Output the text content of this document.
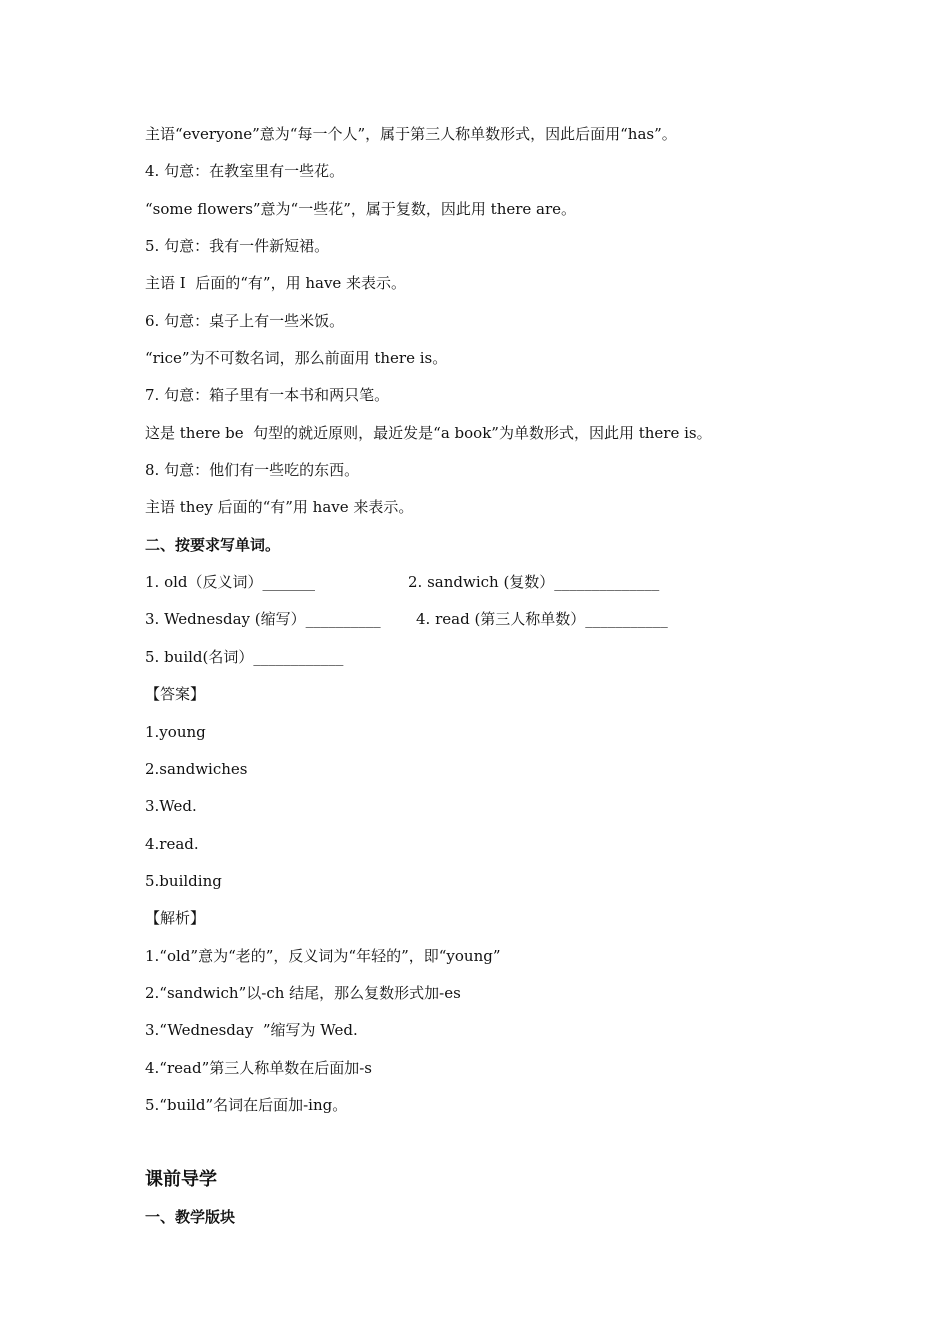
主语“everyone”意为“每一个人”，属于第三人称单数形式，因此后面用“has”。
4. 句意：在教室里有一些花。
“some flowers”意为“一些花”，属于复数，因此用 there are。
5. 句意：我有一件新短裙。
主语 I  后面的“有”，用 have 来表示。
6. 句意：桌子上有一些米饭。
“rice”为不可数名词，那么前面用 there is。
7. 句意：箱子里有一本书和两只笔。
这是 there be  句型的就近原则，最近发是“a book”为单数形式，因此用 there is。
8. 句意：他们有一些吃的东西。
主语 they 后面的“有”用 have 来表示。
二、按要求写单词。
1. old（反义词）_______	2. sandwich (复数）______________
3. Wednesday (缩写）__________ 4. read (第三人称单数）___________
5. build(名词）____________
【答案】
1.young
2.sandwiches
3.Wed.
4.read.
5.building
【解析】
1.“old”意为“老的”，反义词为“年轻的”，即“young”
2.“sandwich”以-ch 结尾，那么复数形式加-es
3.“Wednesday  ”缩写为 Wed.
4.“read”第三人称单数在后面加-s
5.“build”名词在后面加-ing。
课前导学
一、教学版块
